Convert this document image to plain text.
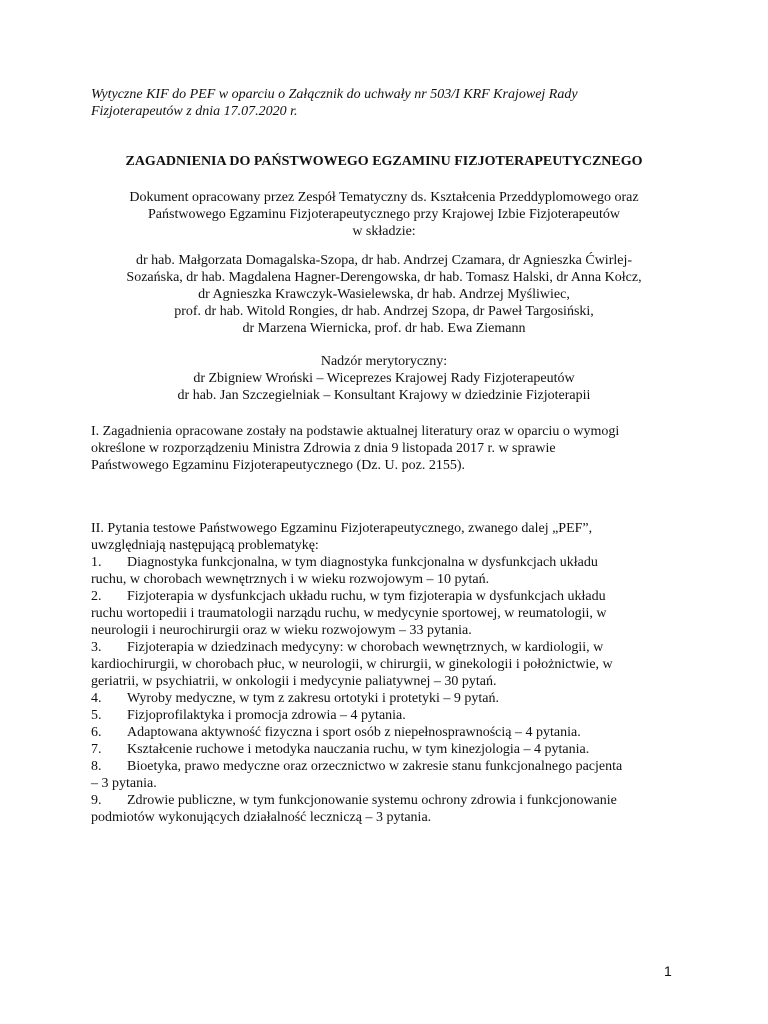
Wytyczne KIF do PEF w oparciu o Załącznik do uchwały nr 503/I KRF Krajowej Rady
Fizjoterapeutów z dnia 17.07.2020 r.
ZAGADNIENIA DO PAŃSTWOWEGO EGZAMINU FIZJOTERAPEUTYCZNEGO
Dokument opracowany przez Zespół Tematyczny ds. Kształcenia Przeddyplomowego oraz
Państwowego Egzaminu Fizjoterapeutycznego przy Krajowej Izbie Fizjoterapeutów
w składzie:
dr hab. Małgorzata Domagalska-Szopa, dr hab. Andrzej Czamara, dr Agnieszka Ćwirlej-
Sozańska, dr hab. Magdalena Hagner-Derengowska, dr hab. Tomasz Halski, dr Anna Kołcz,
dr Agnieszka Krawczyk-Wasielewska, dr hab. Andrzej Myśliwiec,
prof. dr hab. Witold Rongies, dr hab. Andrzej Szopa, dr Paweł Targosiński,
dr Marzena Wiernicka, prof. dr hab. Ewa Ziemann
Nadzór merytoryczny:
dr Zbigniew Wroński – Wiceprezes Krajowej Rady Fizjoterapeutów
dr hab. Jan Szczegielniak – Konsultant Krajowy w dziedzinie Fizjoterapii
I. Zagadnienia opracowane zostały na podstawie aktualnej literatury oraz w oparciu o wymogi
określone w rozporządzeniu Ministra Zdrowia z dnia 9 listopada 2017 r. w sprawie
Państwowego Egzaminu Fizjoterapeutycznego (Dz. U. poz. 2155).
II. Pytania testowe Państwowego Egzaminu Fizjoterapeutycznego, zwanego dalej „PEF”,
uwzględniają następującą problematykę:
1. Diagnostyka funkcjonalna, w tym diagnostyka funkcjonalna w dysfunkcjach układu
ruchu, w chorobach wewnętrznych i w wieku rozwojowym – 10 pytań.
2. Fizjoterapia w dysfunkcjach układu ruchu, w tym fizjoterapia w dysfunkcjach układu
ruchu wortopedii i traumatologii narządu ruchu, w medycynie sportowej, w reumatologii, w
neurologii i neurochirurgii oraz w wieku rozwojowym – 33 pytania.
3. Fizjoterapia w dziedzinach medycyny: w chorobach wewnętrznych, w kardiologii, w
kardiochirurgii, w chorobach płuc, w neurologii, w chirurgii, w ginekologii i położnictwie, w
geriatrii, w psychiatrii, w onkologii i medycynie paliatywnej – 30 pytań.
4. Wyroby medyczne, w tym z zakresu ortotyki i protetyki – 9 pytań.
5. Fizjoprofilaktyka i promocja zdrowia – 4 pytania.
6. Adaptowana aktywność fizyczna i sport osób z niepełnosprawnością – 4 pytania.
7. Kształcenie ruchowe i metodyka nauczania ruchu, w tym kinezjologia – 4 pytania.
8. Bioetyka, prawo medyczne oraz orzecznictwo w zakresie stanu funkcjonalnego pacjenta
– 3 pytania.
9. Zdrowie publiczne, w tym funkcjonowanie systemu ochrony zdrowia i funkcjonowanie
podmiotów wykonujących działalność leczniczą – 3 pytania.
1
